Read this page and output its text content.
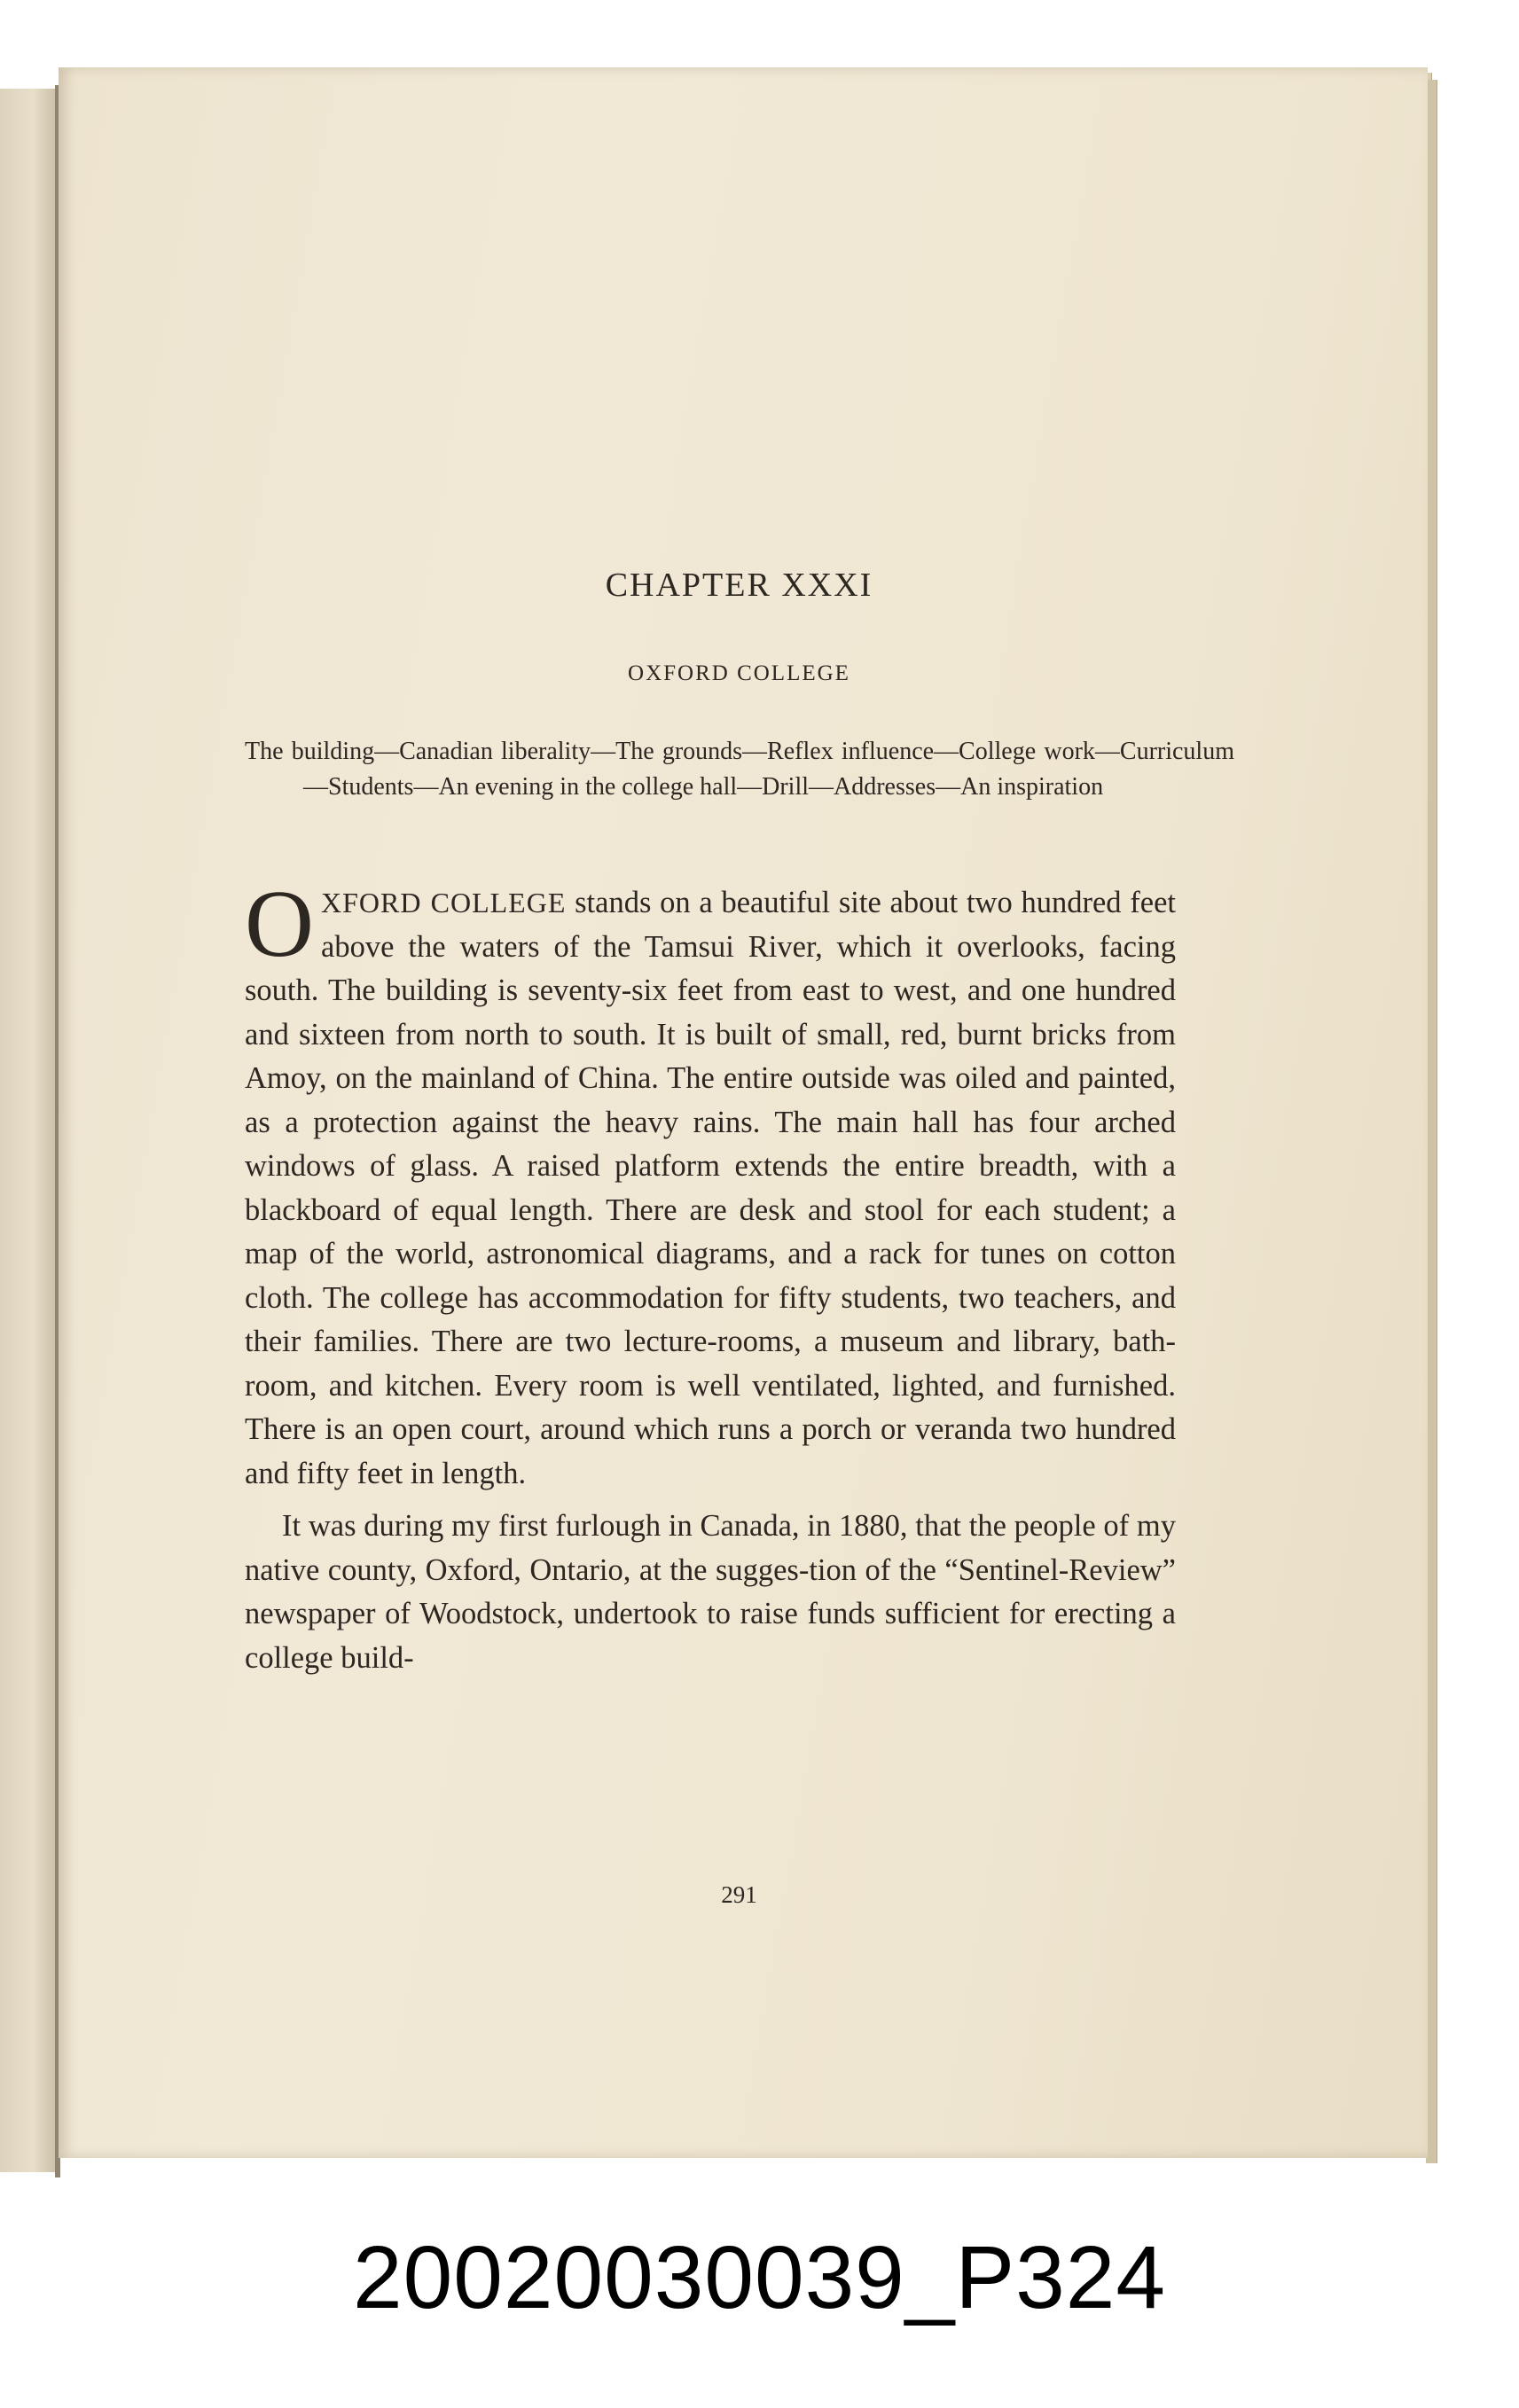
CHAPTER XXXI
OXFORD COLLEGE
The building—Canadian liberality—The grounds—Reflex influence—College work—Curriculum—Students—An evening in the college hall—Drill—Addresses—An inspiration

OXFORD COLLEGE stands on a beautiful site about two hundred feet above the waters of the Tamsui River, which it overlooks, facing south. The building is seventy-six feet from east to west, and one hundred and sixteen from north to south. It is built of small, red, burnt bricks from Amoy, on the mainland of China. The entire outside was oiled and painted, as a protection against the heavy rains. The main hall has four arched windows of glass. A raised platform extends the entire breadth, with a blackboard of equal length. There are desk and stool for each student; a map of the world, astronomical diagrams, and a rack for tunes on cotton cloth. The college has accommodation for fifty students, two teachers, and their families. There are two lecture-rooms, a museum and library, bath-room, and kitchen. Every room is well ventilated, lighted, and furnished. There is an open court, around which runs a porch or veranda two hundred and fifty feet in length.

It was during my first furlough in Canada, in 1880, that the people of my native county, Oxford, Ontario, at the sugges-tion of the “Sentinel-Review” newspaper of Woodstock, undertook to raise funds sufficient for erecting a college build-

291
20020030039_P324
